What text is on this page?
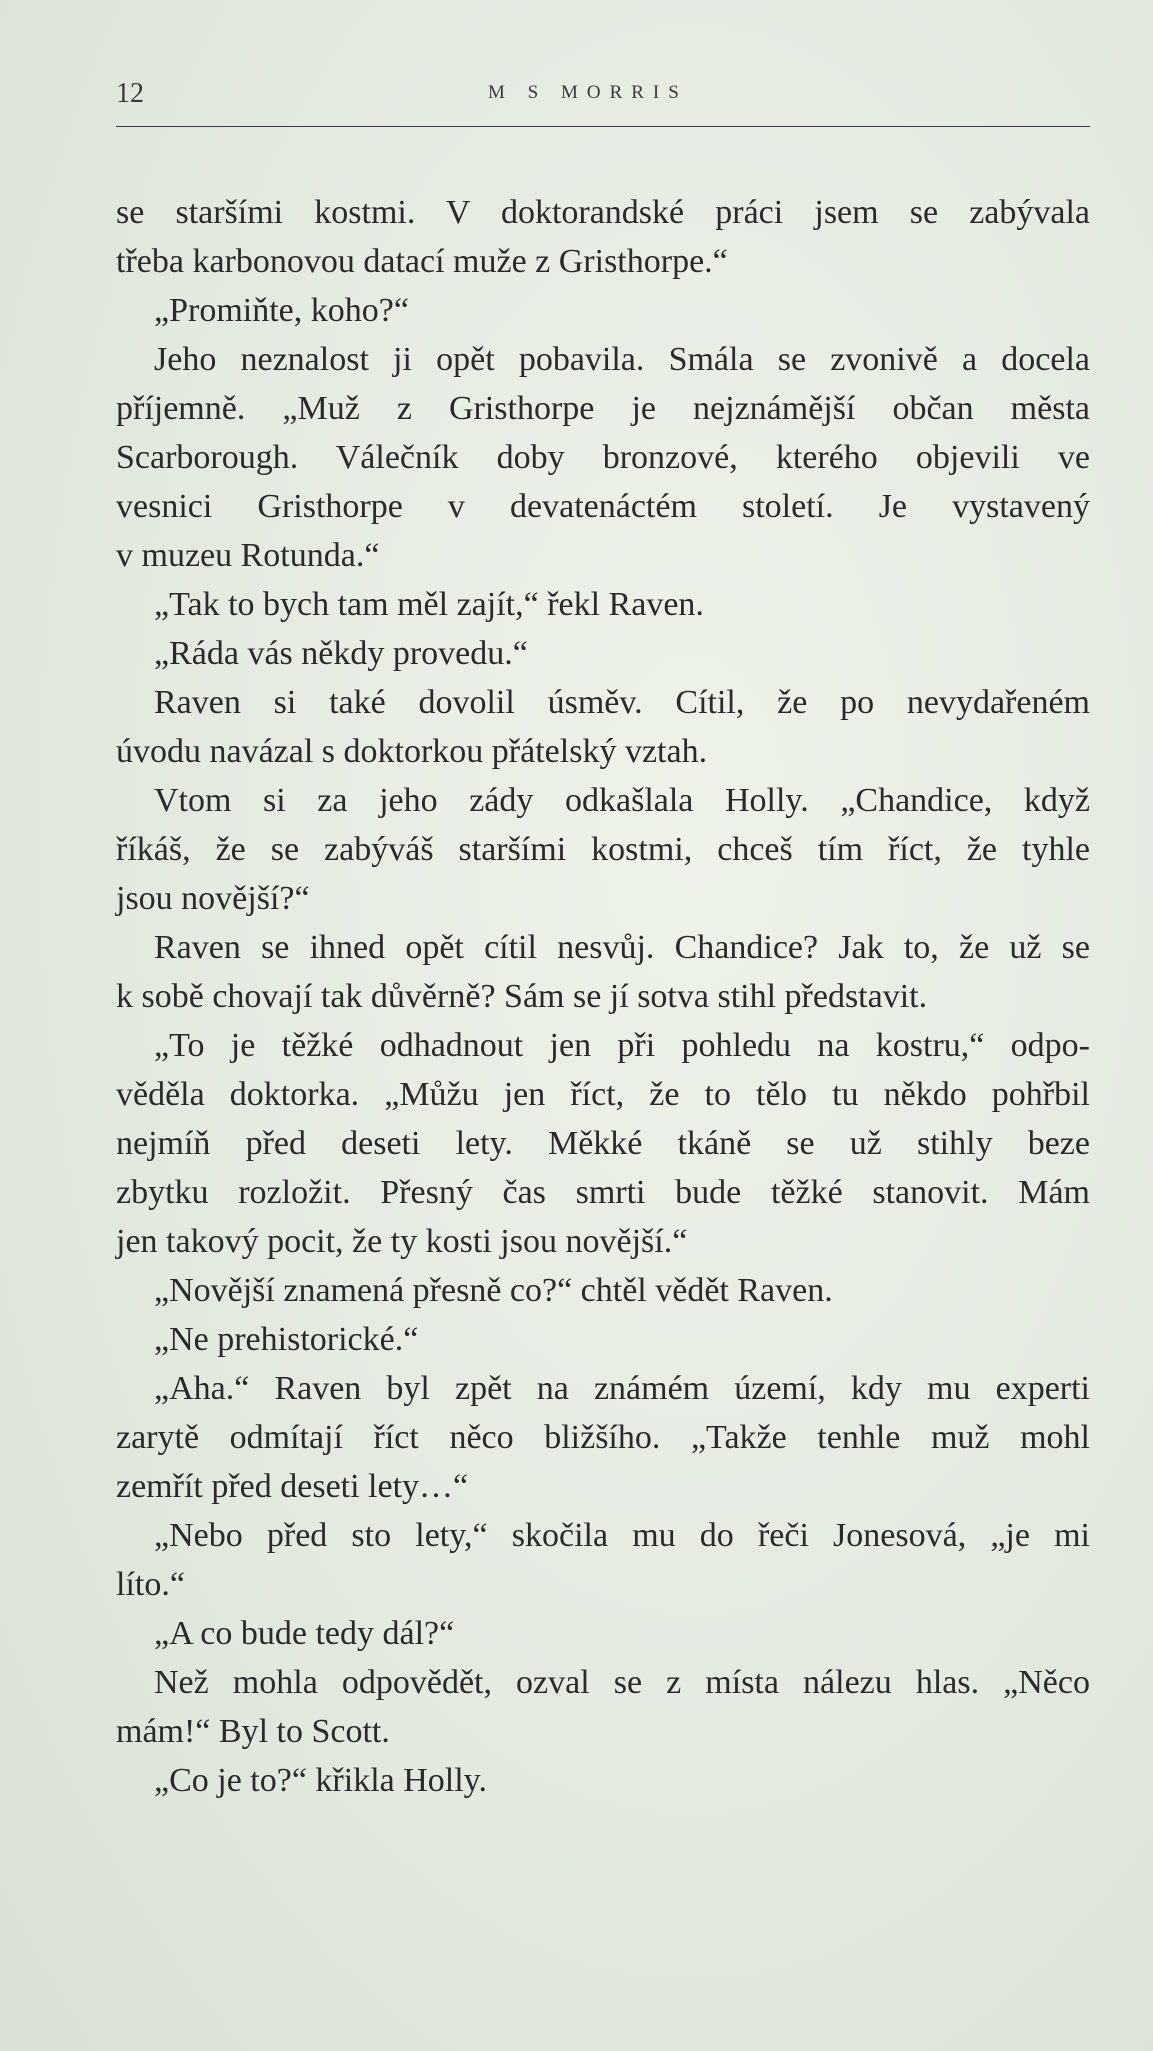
12	M S MORRIS
se staršími kostmi. V doktorandské práci jsem se zabývala
třeba karbonovou datací muže z Gristhorpe.“
„Promiňte, koho?“
Jeho neznalost ji opět pobavila. Smála se zvonivě a docela
příjemně. „Muž z Gristhorpe je nejznámější občan města
Scarborough. Válečník doby bronzové, kterého objevili ve
vesnici Gristhorpe v devatenáctém století. Je vystavený
v muzeu Rotunda.“
„Tak to bych tam měl zajít,“ řekl Raven.
„Ráda vás někdy provedu.“
Raven si také dovolil úsměv. Cítil, že po nevydařeném
úvodu navázal s doktorkou přátelský vztah.
Vtom si za jeho zády odkašlala Holly. „Chandice, když
říkáš, že se zabýváš staršími kostmi, chceš tím říct, že tyhle
jsou novější?“
Raven se ihned opět cítil nesvůj. Chandice? Jak to, že už se
k sobě chovají tak důvěrně? Sám se jí sotva stihl představit.
„To je těžké odhadnout jen při pohledu na kostru,“ odpo-
věděla doktorka. „Můžu jen říct, že to tělo tu někdo pohřbil
nejmíň před deseti lety. Měkké tkáně se už stihly beze
zbytku rozložit. Přesný čas smrti bude těžké stanovit. Mám
jen takový pocit, že ty kosti jsou novější.“
„Novější znamená přesně co?“ chtěl vědět Raven.
„Ne prehistorické.“
„Aha.“ Raven byl zpět na známém území, kdy mu experti
zarytě odmítají říct něco bližšího. „Takže tenhle muž mohl
zemřít před deseti lety…“
„Nebo před sto lety,“ skočila mu do řeči Jonesová, „je mi
líto.“
„A co bude tedy dál?“
Než mohla odpovědět, ozval se z místa nálezu hlas. „Něco
mám!“ Byl to Scott.
„Co je to?“ křikla Holly.
